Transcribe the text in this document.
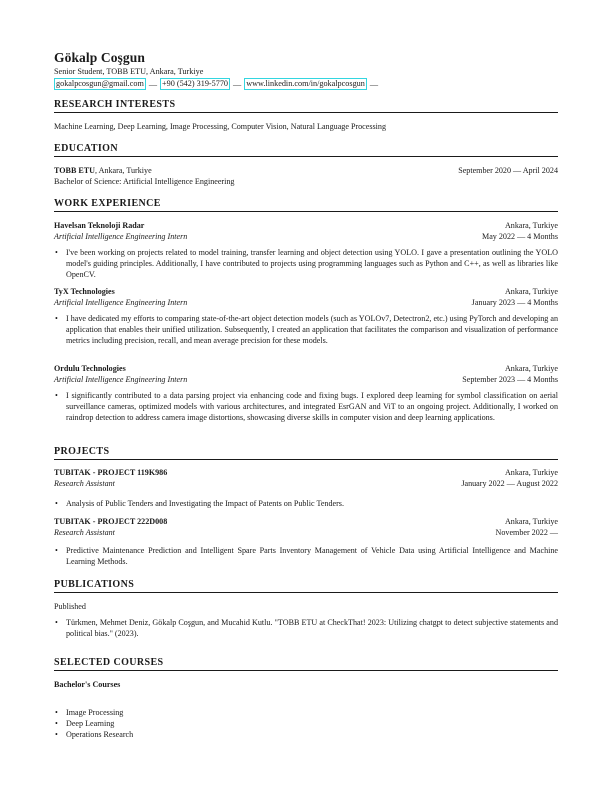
Gökalp Coşgun
Senior Student, TOBB ETU, Ankara, Turkiye
gokalpcosgun@gmail.com — +90 (542) 319-5770 — www.linkedin.com/in/gokalpcosgun —
RESEARCH INTERESTS
Machine Learning, Deep Learning, Image Processing, Computer Vision, Natural Language Processing
EDUCATION
TOBB ETU, Ankara, Turkiye	September 2020 — April 2024
Bachelor of Science: Artificial Intelligence Engineering
WORK EXPERIENCE
Havelsan Teknoloji Radar	Ankara, Turkiye
Artificial Intelligence Engineering Intern	May 2022 — 4 Months
• I've been working on projects related to model training, transfer learning and object detection using YOLO. I gave a presentation outlining the YOLO model's guiding principles. Additionally, I have contributed to projects using programming languages such as Python and C++, as well as libraries like OpenCV.
TyX Technologies	Ankara, Turkiye
Artificial Intelligence Engineering Intern	January 2023 — 4 Months
• I have dedicated my efforts to comparing state-of-the-art object detection models (such as YOLOv7, Detectron2, etc.) using PyTorch and developing an application that enables their unified utilization. Subsequently, I created an application that facilitates the comparison and visualization of performance metrics including precision, recall, and mean average precision for these models.
Ordulu Technologies	Ankara, Turkiye
Artificial Intelligence Engineering Intern	September 2023 — 4 Months
• I significantly contributed to a data parsing project via enhancing code and fixing bugs. I explored deep learning for symbol classification on aerial surveillance cameras, optimized models with various architectures, and integrated EsrGAN and ViT to an ongoing project. Additionally, I worked on raindrop detection to address camera image distortions, showcasing diverse skills in computer vision and deep learning applications.
PROJECTS
TUBITAK - PROJECT 119K986	Ankara, Turkiye
Research Assistant	January 2022 — August 2022
• Analysis of Public Tenders and Investigating the Impact of Patents on Public Tenders.
TUBITAK - PROJECT 222D008	Ankara, Turkiye
Research Assistant	November 2022 —
• Predictive Maintenance Prediction and Intelligent Spare Parts Inventory Management of Vehicle Data using Artificial Intelligence and Machine Learning Methods.
PUBLICATIONS
Published
• Türkmen, Mehmet Deniz, Gökalp Coşgun, and Mucahid Kutlu. "TOBB ETU at CheckThat! 2023: Utilizing chatgpt to detect subjective statements and political bias." (2023).
SELECTED COURSES
Bachelor's Courses
• Image Processing
• Deep Learning
• Operations Research
